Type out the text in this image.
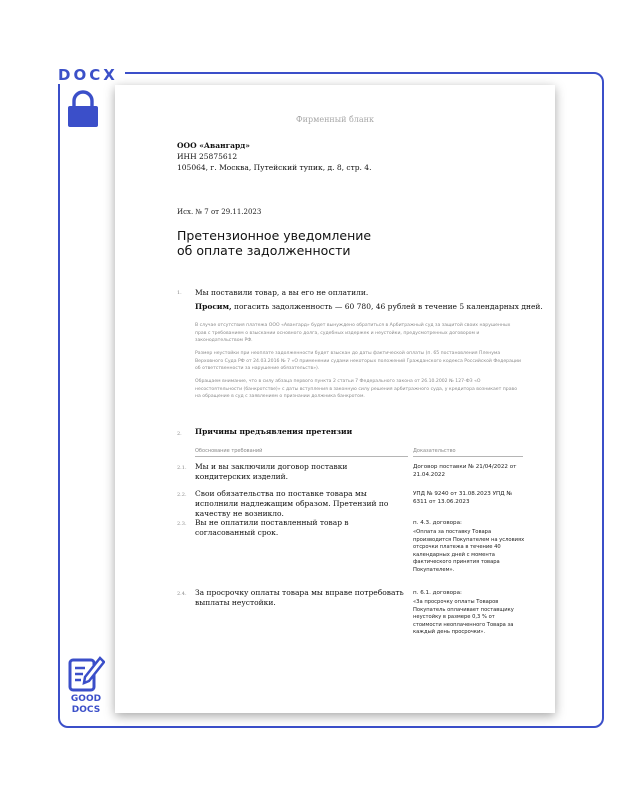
DOCX
GOOD
DOCS
Фирменный бланк
ООО «Авангард»
ИНН 25875612
105064, г. Москва, Путейский тупик, д. 8, стр. 4.
Исх. № 7 от 29.11.2023
Претензионное уведомление
об оплате задолженности
1. Мы поставили товар, а вы его не оплатили.
Просим, погасить задолженность — 60 780, 46 рублей в течение 5 календарных дней.
В случае отсутствия платежа ООО «Авангард» будет вынуждено обратиться в Арбитражный суд за защитой своих нарушенных прав с требованием о взыскании основного долга, судебных издержек и неустойки, предусмотренных договором и законодательством РФ.
Размер неустойки при неоплате задолженности будет взыскан до даты фактической оплаты (п. 65 постановления Пленума Верховного Суда РФ от 24.03.2016 № 7 «О применении судами некоторых положений Гражданского кодекса Российской Федерации об ответственности за нарушение обязательств»).
Обращаем внимание, что в силу абзаца первого пункта 2 статьи 7 Федерального закона от 26.10.2002 № 127-ФЗ «О несостоятельности (банкротстве)» с даты вступления в законную силу решения арбитражного суда, у кредитора возникает право на обращение в суд с заявлением о признании должника банкротом.
2. Причины предъявления претензии
Обоснование требований	Доказательство
2.1. Мы и вы заключили договор поставки кондитерских изделий.
Договор поставки № 21/04/2022 от 21.04.2022
2.2. Свои обязательства по поставке товара мы исполнили надлежащим образом. Претензий по качеству не возникло.
УПД № 9240 от 31.08.2023 УПД № 6311 от 13.06.2023
2.3. Вы не оплатили поставленный товар в согласованный срок.
п. 4.3. договора:
«Оплата за поставку Товара производится Покупателем на условиях отсрочки платежа в течение 40 календарных дней с момента фактического принятия товара Покупателем».
2.4. За просрочку оплаты товара мы вправе потребовать выплаты неустойки.
п. 6.1. договора:
«За просрочку оплаты Товаров Покупатель оплачивает поставщику неустойку в размере 0,3 % от стоимости неоплаченного Товара за каждый день просрочки».
